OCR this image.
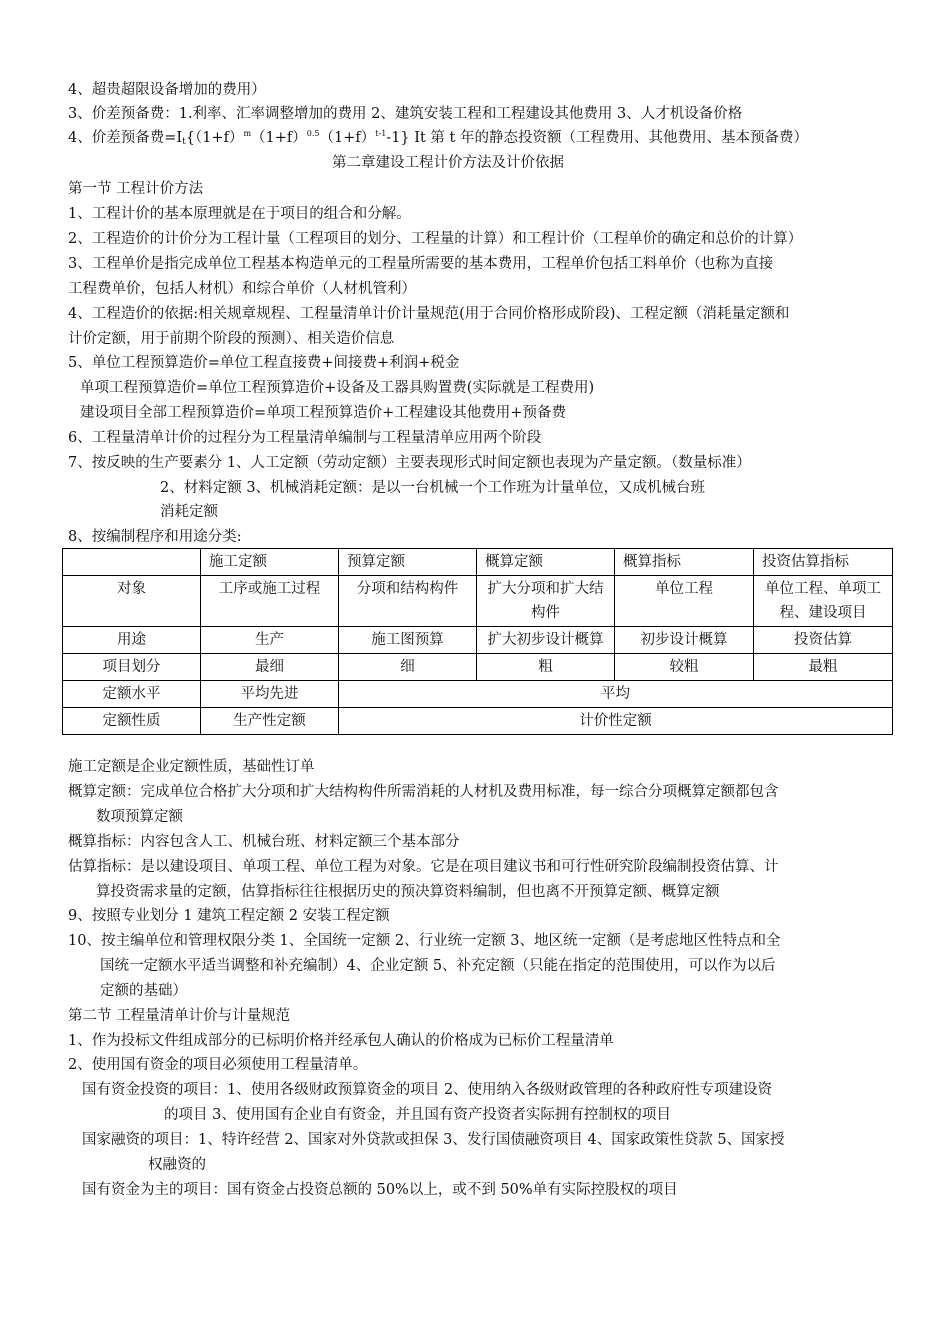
4、超贵超限设备增加的费用）
3、价差预备费：1.利率、汇率调整增加的费用 2、建筑安装工程和工程建设其他费用 3、人才机设备价格
4、价差预备费$=I_t\{(1+f)^m(1+f)^{0.5}(1+f)^{t-1}-1\}$ It 第 t 年的静态投资额（工程费用、其他费用、基本预备费）
第二章建设工程计价方法及计价依据
第一节 工程计价方法
1、工程计价的基本原理就是在于项目的组合和分解。
2、工程造价的计价分为工程计量（工程项目的划分、工程量的计算）和工程计价（工程单价的确定和总价的计算）
3、工程单价是指完成单位工程基本构造单元的工程量所需要的基本费用，工程单价包括工料单价（也称为直接
工程费单价，包括人材机）和综合单价（人材机管利）
4、工程造价的依据:相关规章规程、工程量清单计价计量规范(用于合同价格形成阶段)、工程定额（消耗量定额和
计价定额，用于前期个阶段的预测）、相关造价信息
5、单位工程预算造价=单位工程直接费+间接费+利润+税金
单项工程预算造价=单位工程预算造价+设备及工器具购置费(实际就是工程费用)
建设项目全部工程预算造价=单项工程预算造价+工程建设其他费用+预备费
6、工程量清单计价的过程分为工程量清单编制与工程量清单应用两个阶段
7、按反映的生产要素分 1、人工定额（劳动定额）主要表现形式时间定额也表现为产量定额。（数量标准）
2、材料定额 3、机械消耗定额：是以一台机械一个工作班为计量单位，又成机械台班
消耗定额
8、按编制程序和用途分类:
	施工定额	预算定额	概算定额	概算指标	投资估算指标
对象	工序或施工过程	分项和结构构件	扩大分项和扩大结构件	单位工程	单位工程、单项工程、建设项目
用途	生产	施工图预算	扩大初步设计概算	初步设计概算	投资估算
项目划分	最细	细	粗	较粗	最粗
定额水平	平均先进	平均			
定额性质	生产性定额	计价性定额			
施工定额是企业定额性质，基础性订单
概算定额：完成单位合格扩大分项和扩大结构构件所需消耗的人材机及费用标准，每一综合分项概算定额都包含
数项预算定额
概算指标：内容包含人工、机械台班、材料定额三个基本部分
估算指标：是以建设项目、单项工程、单位工程为对象。它是在项目建议书和可行性研究阶段编制投资估算、计
算投资需求量的定额，估算指标往往根据历史的预决算资料编制，但也离不开预算定额、概算定额
9、按照专业划分 1 建筑工程定额 2 安装工程定额
10、按主编单位和管理权限分类 1、全国统一定额 2、行业统一定额 3、地区统一定额（是考虑地区性特点和全
国统一定额水平适当调整和补充编制）4、企业定额 5、补充定额（只能在指定的范围使用，可以作为以后
定额的基础）
第二节 工程量清单计价与计量规范
1、作为投标文件组成部分的已标明价格并经承包人确认的价格成为已标价工程量清单
2、使用国有资金的项目必须使用工程量清单。
国有资金投资的项目：1、使用各级财政预算资金的项目 2、使用纳入各级财政管理的各种政府性专项建设资
的项目 3、使用国有企业自有资金，并且国有资产投资者实际拥有控制权的项目
国家融资的项目：1、特许经营 2、国家对外贷款或担保 3、发行国债融资项目 4、国家政策性贷款 5、国家授
权融资的
国有资金为主的项目：国有资金占投资总额的 50%以上，或不到 50%单有实际控股权的项目
